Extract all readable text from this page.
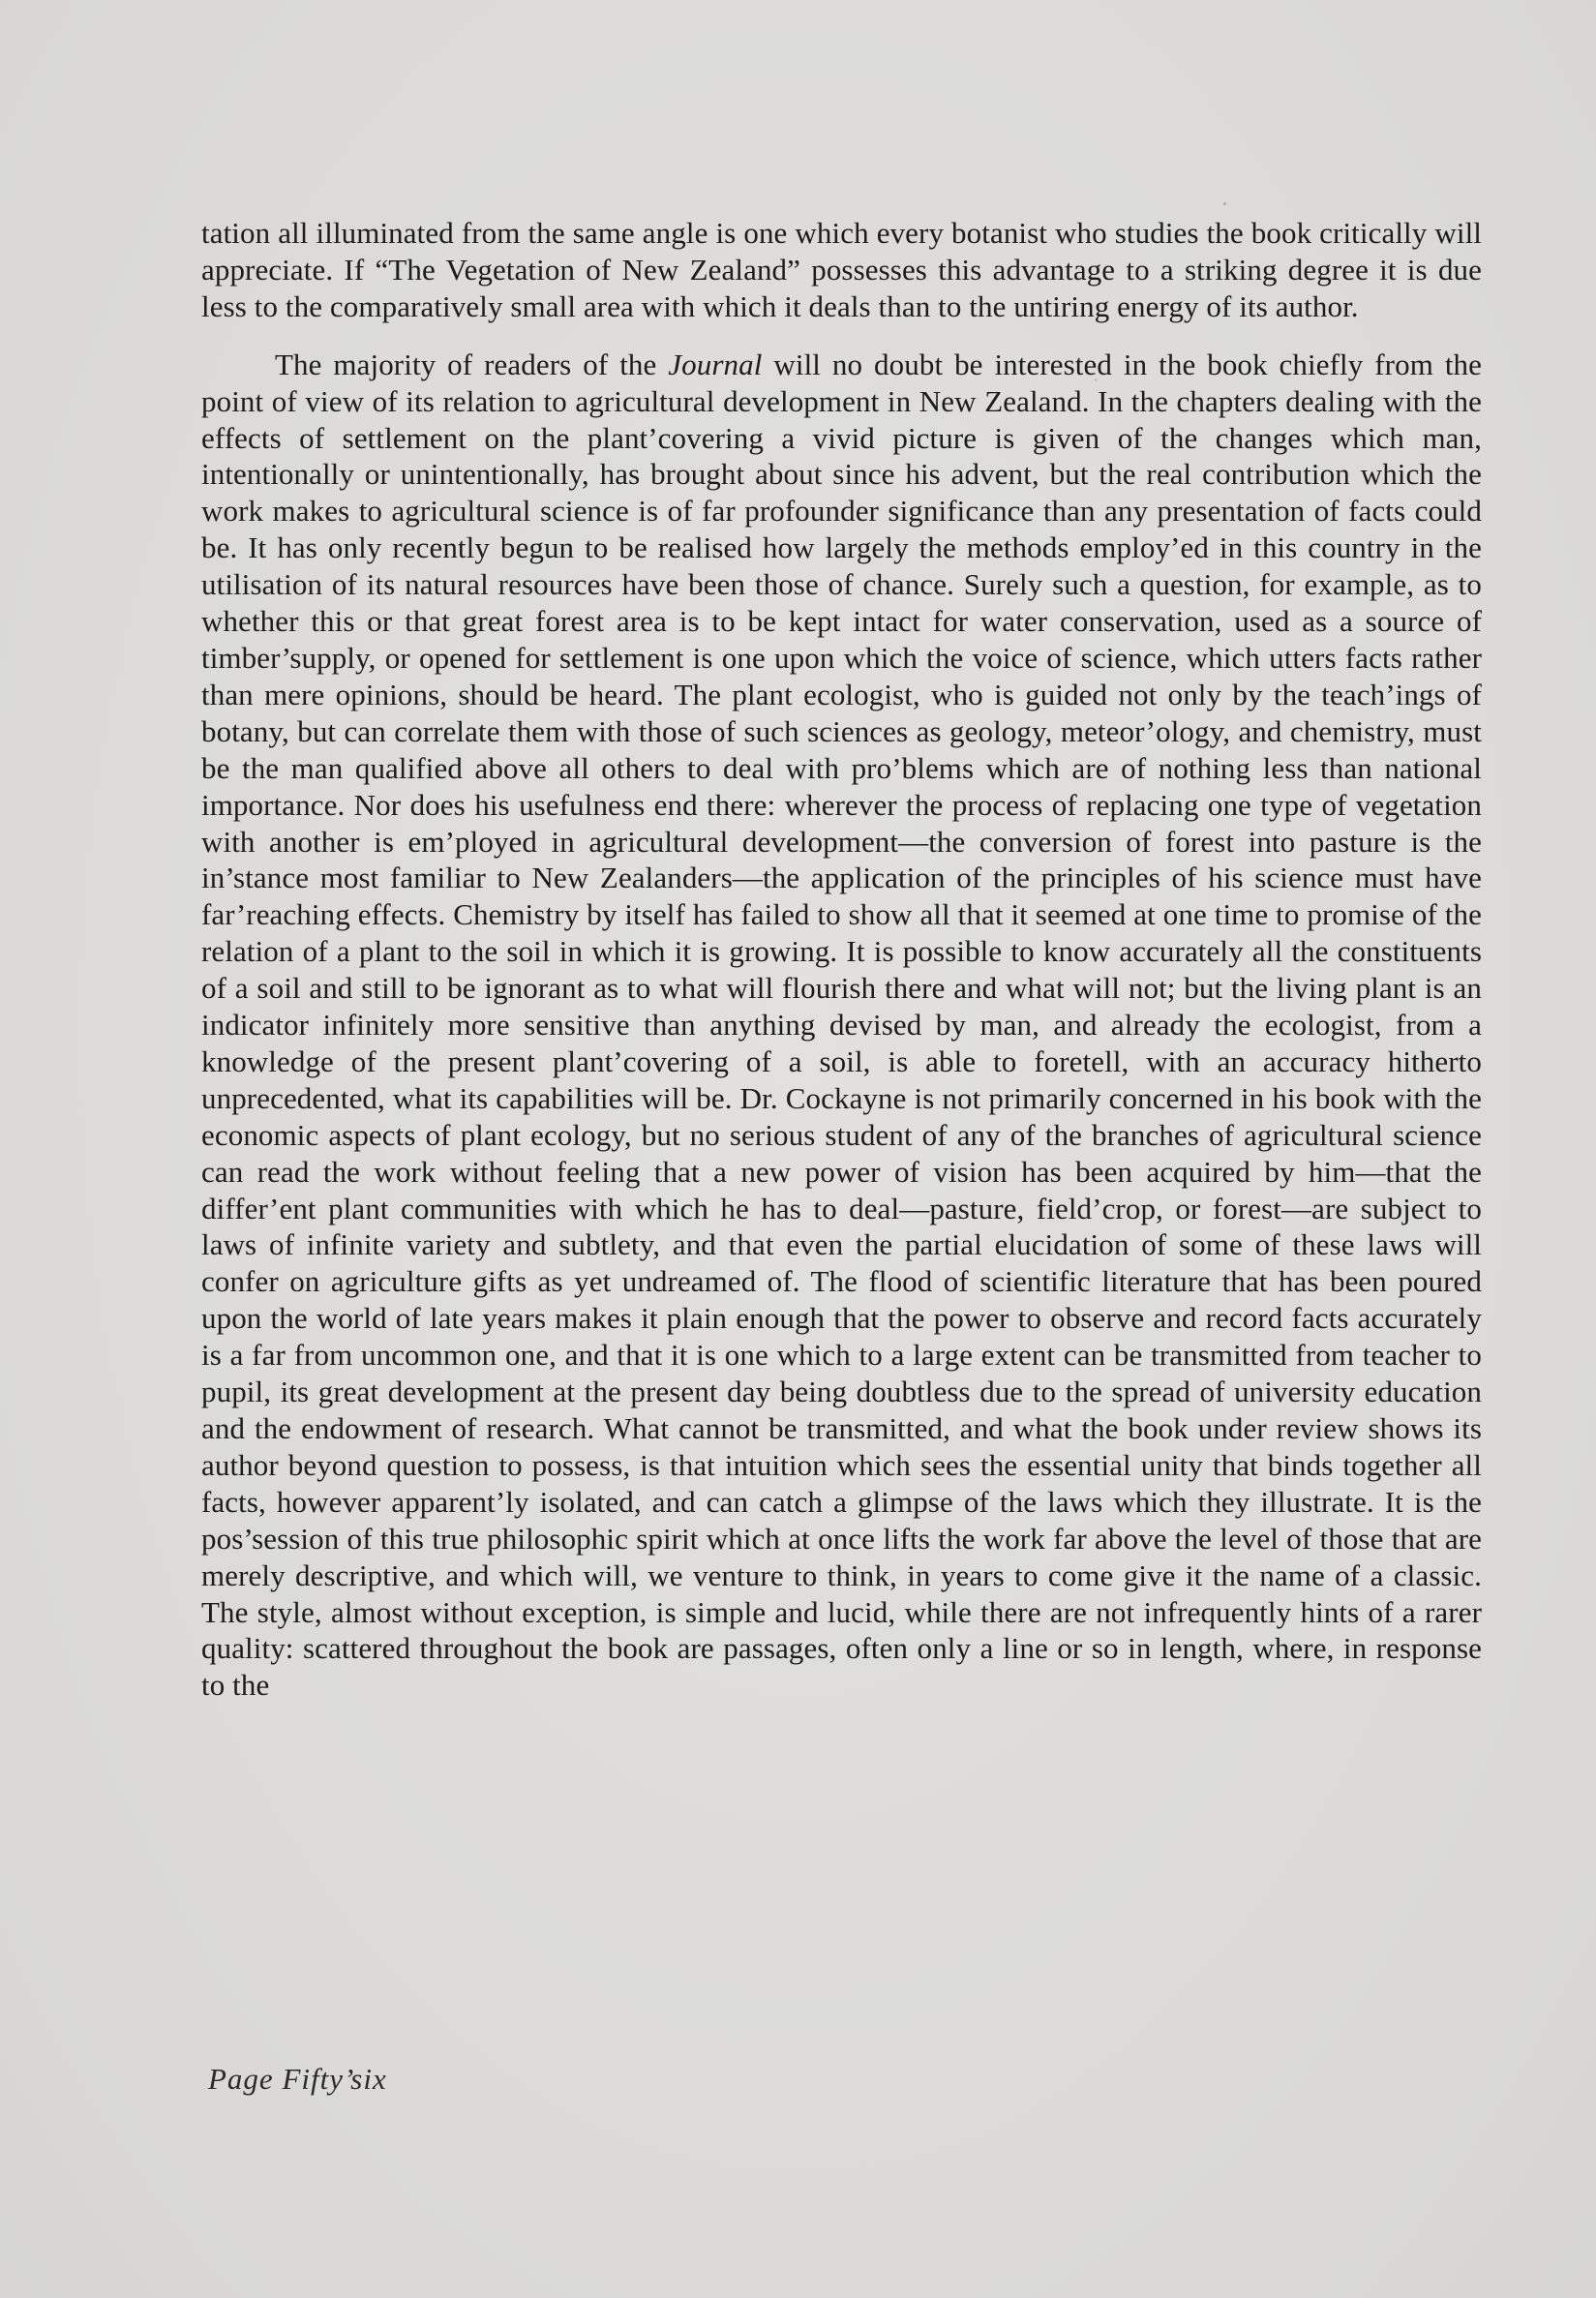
tation all illuminated from the same angle is one which every botanist who studies the book critically will appreciate. If “The Vegetation of New Zealand” possesses this advantage to a striking degree it is due less to the comparatively small area with which it deals than to the untiring energy of its author.

The majority of readers of the Journal will no doubt be interested in the book chiefly from the point of view of its relation to agricultural development in New Zealand. In the chapters dealing with the effects of settlement on the plant’covering a vivid picture is given of the changes which man, intentionally or unintentionally, has brought about since his advent, but the real contribution which the work makes to agricultural science is of far profounder significance than any presentation of facts could be. It has only recently begun to be realised how largely the methods employ’ed in this country in the utilisation of its natural resources have been those of chance. Surely such a question, for example, as to whether this or that great forest area is to be kept intact for water conservation, used as a source of timber’supply, or opened for settlement is one upon which the voice of science, which utters facts rather than mere opinions, should be heard. The plant ecologist, who is guided not only by the teach’ings of botany, but can correlate them with those of such sciences as geology, meteor’ology, and chemistry, must be the man qualified above all others to deal with pro’blems which are of nothing less than national importance. Nor does his usefulness end there: wherever the process of replacing one type of vegetation with another is em’ployed in agricultural development—the conversion of forest into pasture is the in’stance most familiar to New Zealanders—the application of the principles of his science must have far’reaching effects. Chemistry by itself has failed to show all that it seemed at one time to promise of the relation of a plant to the soil in which it is growing. It is possible to know accurately all the constituents of a soil and still to be ignorant as to what will flourish there and what will not; but the living plant is an indicator infinitely more sensitive than anything devised by man, and already the ecologist, from a knowledge of the present plant’covering of a soil, is able to foretell, with an accuracy hitherto unprecedented, what its capabilities will be. Dr. Cockayne is not primarily concerned in his book with the economic aspects of plant ecology, but no serious student of any of the branches of agricultural science can read the work without feeling that a new power of vision has been acquired by him—that the differ’ent plant communities with which he has to deal—pasture, field’crop, or forest—are subject to laws of infinite variety and subtlety, and that even the partial elucidation of some of these laws will confer on agriculture gifts as yet undreamed of. The flood of scientific literature that has been poured upon the world of late years makes it plain enough that the power to observe and record facts accurately is a far from uncommon one, and that it is one which to a large extent can be transmitted from teacher to pupil, its great development at the present day being doubtless due to the spread of university education and the endowment of research. What cannot be transmitted, and what the book under review shows its author beyond question to possess, is that intuition which sees the essential unity that binds together all facts, however apparent’ly isolated, and can catch a glimpse of the laws which they illustrate. It is the pos’session of this true philosophic spirit which at once lifts the work far above the level of those that are merely descriptive, and which will, we venture to think, in years to come give it the name of a classic. The style, almost without exception, is simple and lucid, while there are not infrequently hints of a rarer quality: scattered throughout the book are passages, often only a line or so in length, where, in response to the

Page Fifty’six
